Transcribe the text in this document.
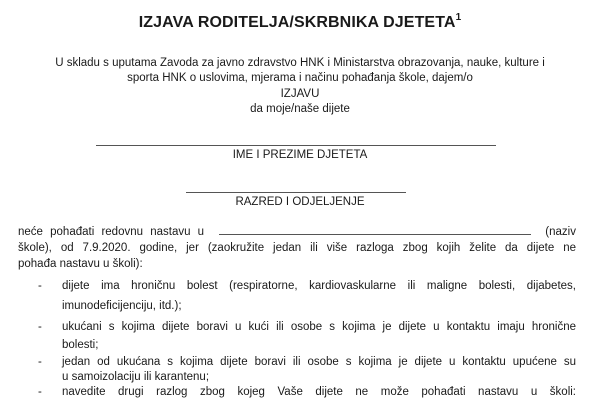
IZJAVA RODITELJA/SKRBNIKA DJETETA$^1$
U skladu s uputama Zavoda za javno zdravstvo HNK i Ministarstva obrazovanja, nauke, kulture i
sporta HNK o uslovima, mjerama i načinu pohađanja škole, dajem/o
IZJAVU
da moje/naše dijete
IME I PREZIME DJETETA
RAZRED I ODJELJENJE
neće pohađati redovnu nastavu u	(naziv
škole), od 7.9.2020. godine, jer (zaokružite jedan ili više razloga zbog kojih želite da dijete ne
pohađa nastavu u školi):
- dijete ima hroničnu bolest (respiratorne, kardiovaskularne ili maligne bolesti, dijabetes,
imunodeficijenciju, itd.);
- ukućani s kojima dijete boravi u kući ili osobe s kojima je dijete u kontaktu imaju hronične
bolesti;
- jedan od ukućana s kojima dijete boravi ili osobe s kojima je dijete u kontaktu upućene su
u samoizolaciju ili karantenu;
- navedite drugi razlog zbog kojeg Vaše dijete ne može pohađati nastavu u školi:
